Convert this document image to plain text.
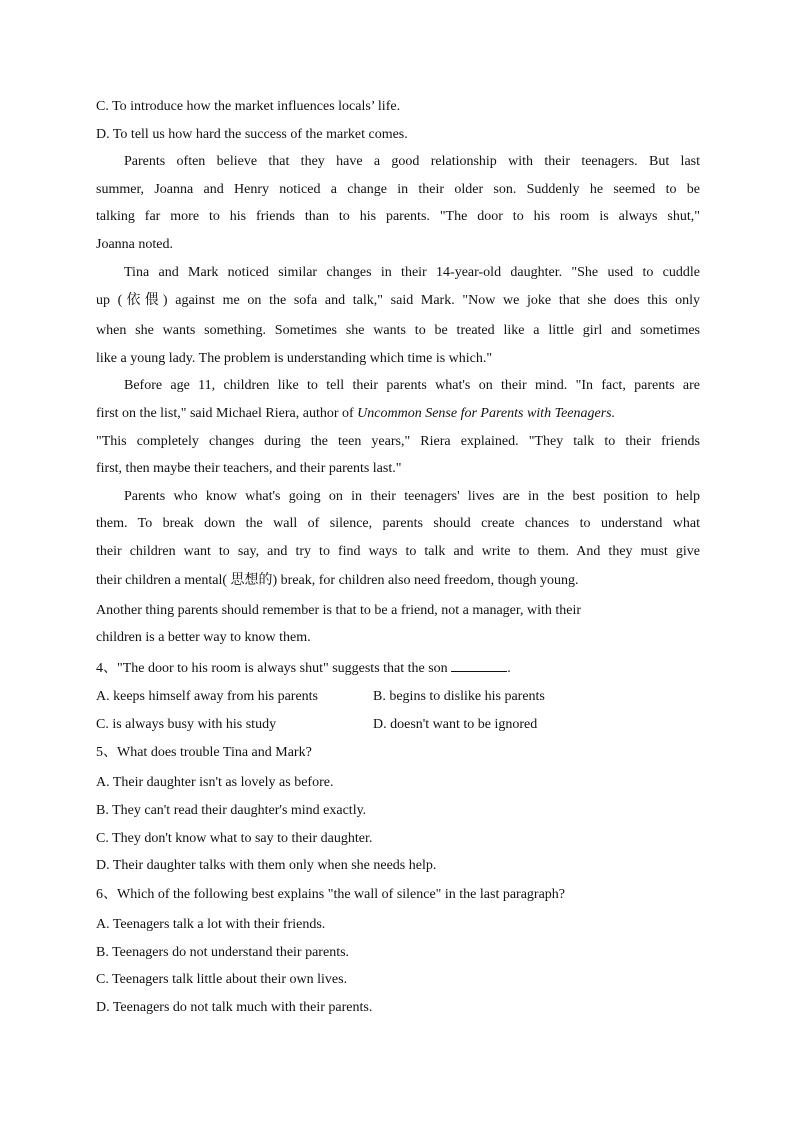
C. To introduce how the market influences locals’ life.
D. To tell us how hard the success of the market comes.
Parents often believe that they have a good relationship with their teenagers. But last
summer, Joanna and Henry noticed a change in their older son. Suddenly he seemed to be
talking far more to his friends than to his parents. "The door to his room is always shut,"
Joanna noted.
Tina and Mark noticed similar changes in their 14-year-old daughter. "She used to cuddle
up (依偎) against me on the sofa and talk," said Mark. "Now we joke that she does this only
when she wants something. Sometimes she wants to be treated like a little girl and sometimes
like a young lady. The problem is understanding which time is which."
Before age 11, children like to tell their parents what's on their mind. "In fact, parents are
first on the list," said Michael Riera, author of Uncommon Sense for Parents with Teenagers.
"This completely changes during the teen years," Riera explained. "They talk to their friends
first, then maybe their teachers, and their parents last."
Parents who know what's going on in their teenagers' lives are in the best position to help
them. To break down the wall of silence, parents should create chances to understand what
their children want to say, and try to find ways to talk and write to them. And they must give
their children a mental( 思想的) break, for children also need freedom, though young.
Another thing parents should remember is that to be a friend, not a manager, with their
children is a better way to know them.
4、"The door to his room is always shut" suggests that the son	.
A. keeps himself away from his parents	B. begins to dislike his parents
C. is always busy with his study	D. doesn't want to be ignored
5、What does trouble Tina and Mark?
A. Their daughter isn't as lovely as before.
B. They can't read their daughter's mind exactly.
C. They don't know what to say to their daughter.
D. Their daughter talks with them only when she needs help.
6、Which of the following best explains "the wall of silence" in the last paragraph?
A. Teenagers talk a lot with their friends.
B. Teenagers do not understand their parents.
C. Teenagers talk little about their own lives.
D. Teenagers do not talk much with their parents.
